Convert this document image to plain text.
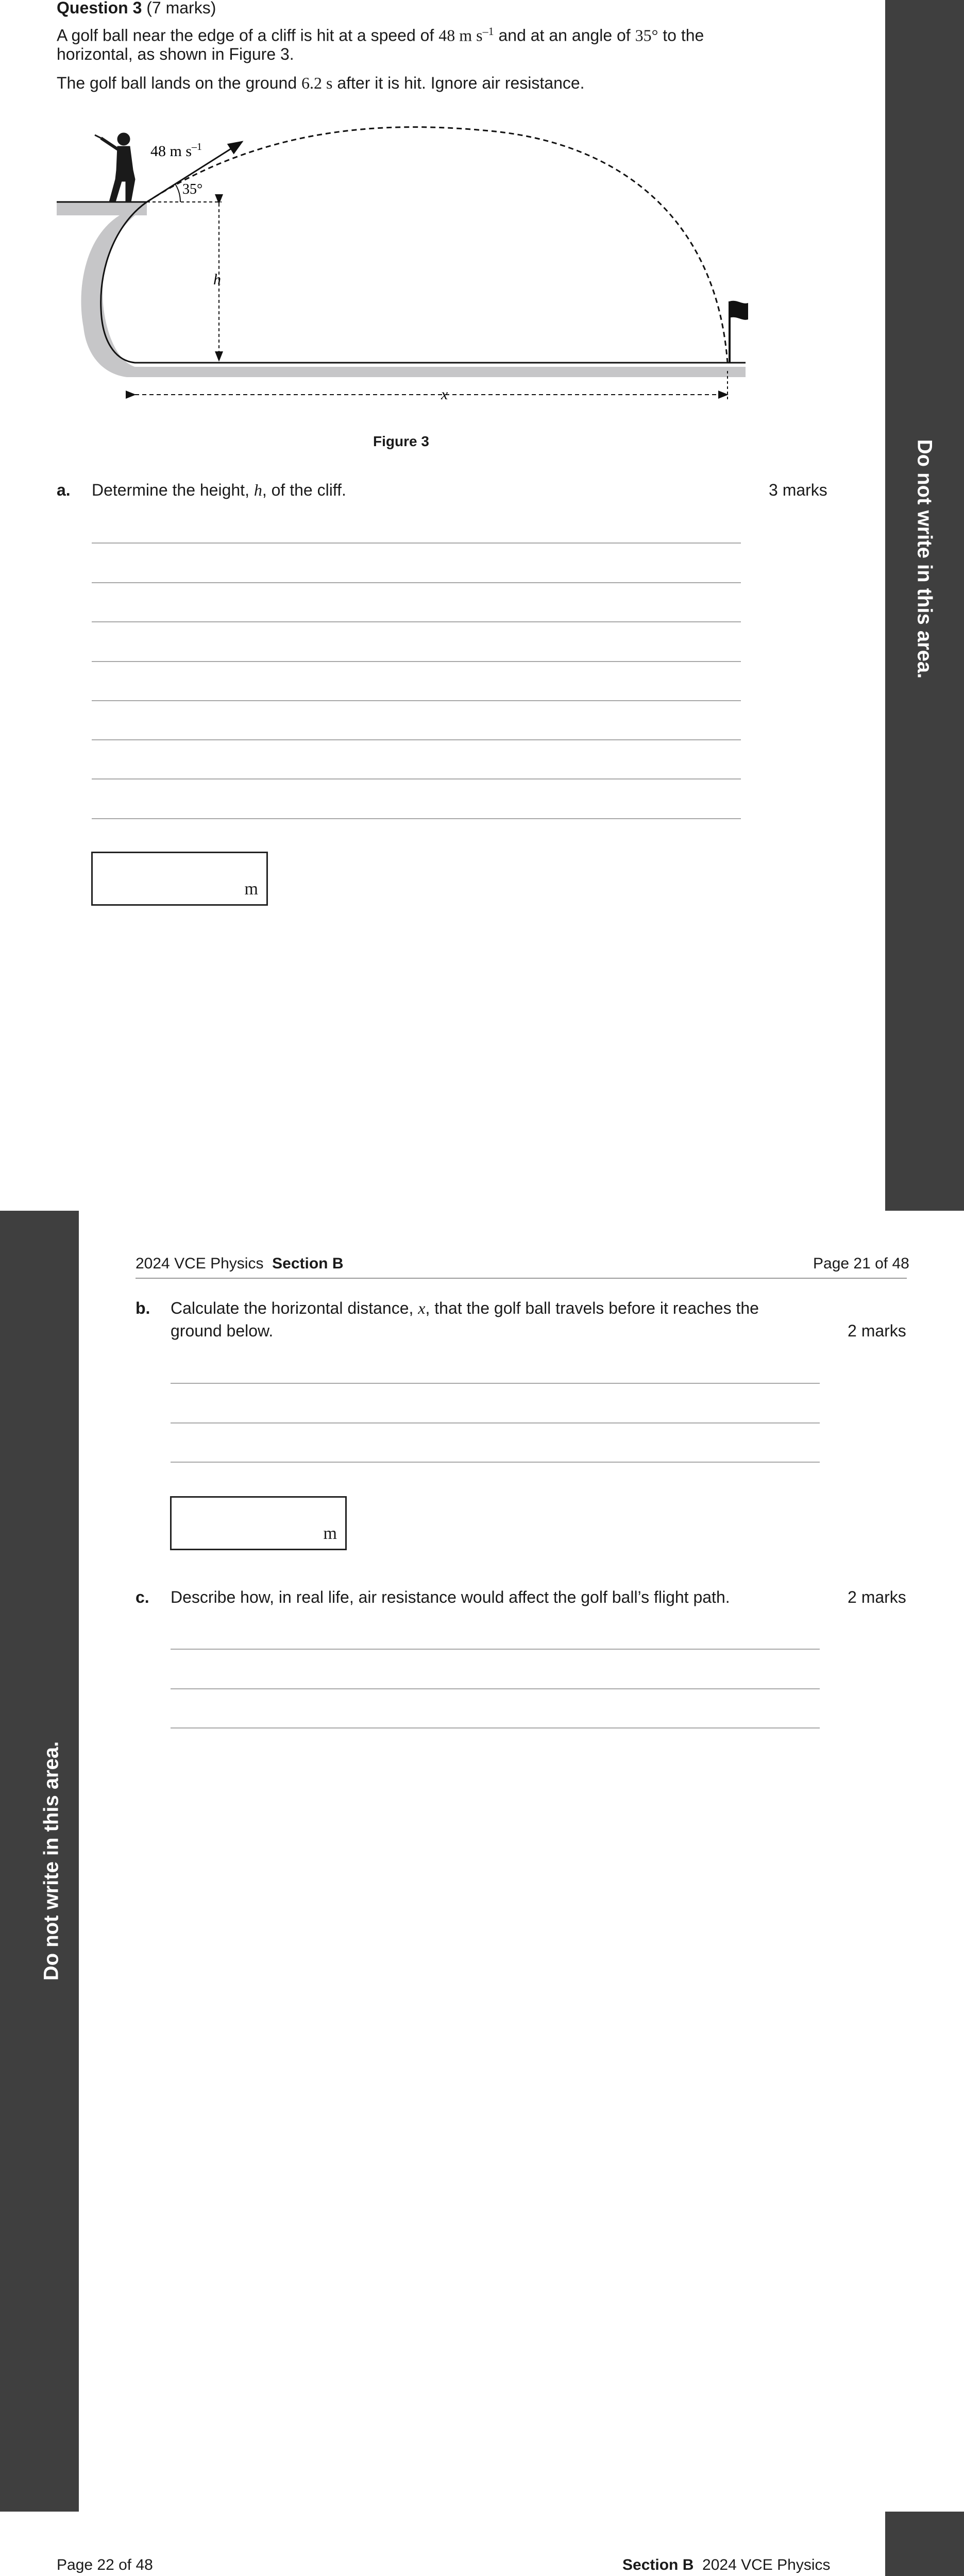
Do not write in this area.
Do not write in this area.
Question 3 (7 marks)
A golf ball near the edge of a cliff is hit at a speed of 48 m $s^{-1}$ and at an angle of 35° to the
horizontal, as shown in Figure 3.
The golf ball lands on the ground 6.2 s after it is hit. Ignore air resistance.
48 m $s^{-1}$
35°
h
x
Figure 3
a. Determine the height, h, of the cliff.	3 marks
m
2024 VCE Physics Section B	Page 21 of 48
b. Calculate the horizontal distance, x, that the golf ball travels before it reaches the
ground below.	2 marks
m
c. Describe how, in real life, air resistance would affect the golf ball’s flight path.	2 marks
Page 22 of 48	Section B 2024 VCE Physics
